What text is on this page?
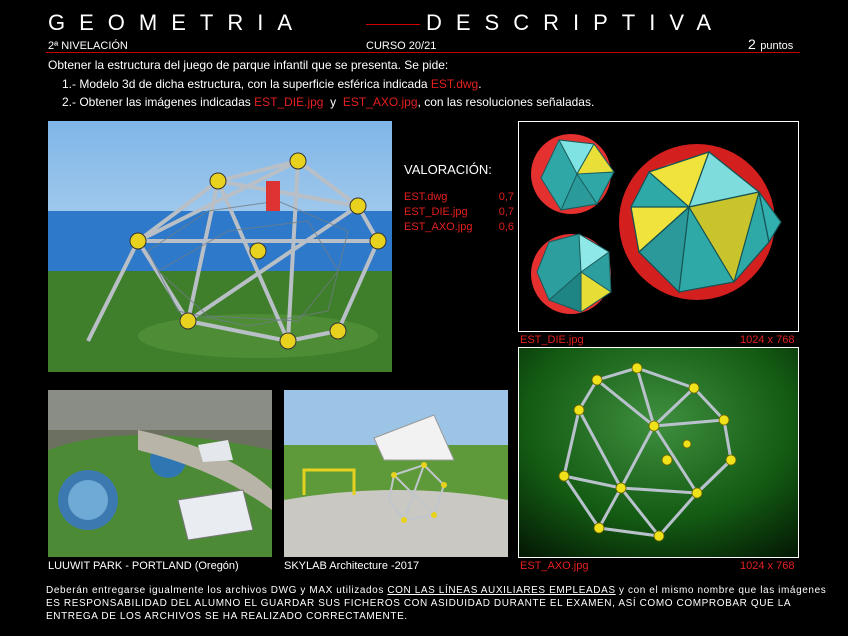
GEOMETRIA	DESCRIPTIVA
2ª NIVELACIÓN	CURSO 20/21	2 puntos
Obtener la estructura del juego de parque infantil que se presenta. Se pide:
1.- Modelo 3d de dicha estructura, con la superficie esférica indicada EST.dwg.
2.- Obtener las imágenes indicadas EST_DIE.jpg  y  EST_AXO.jpg, con las resoluciones señaladas.
VALORACIÓN:
EST.dwg	0,7
EST_DIE.jpg	0,7
EST_AXO.jpg 0,6
EST_DIE.jpg	1024 x 768
EST_AXO.jpg	1024 x 768
LUUWIT PARK - PORTLAND (Oregón)	SKYLAB Architecture -2017
Deberán entregarse igualmente los archivos DWG y MAX utilizados CON LAS LÍNEAS AUXILIARES EMPLEADAS y con el mismo nombre que las imágenes
ES RESPONSABILIDAD DEL ALUMNO EL GUARDAR SUS FICHEROS CON ASIDUIDAD DURANTE EL EXAMEN, ASÍ COMO COMPROBAR QUE LA
ENTREGA DE LOS ARCHIVOS SE HA REALIZADO CORRECTAMENTE.
